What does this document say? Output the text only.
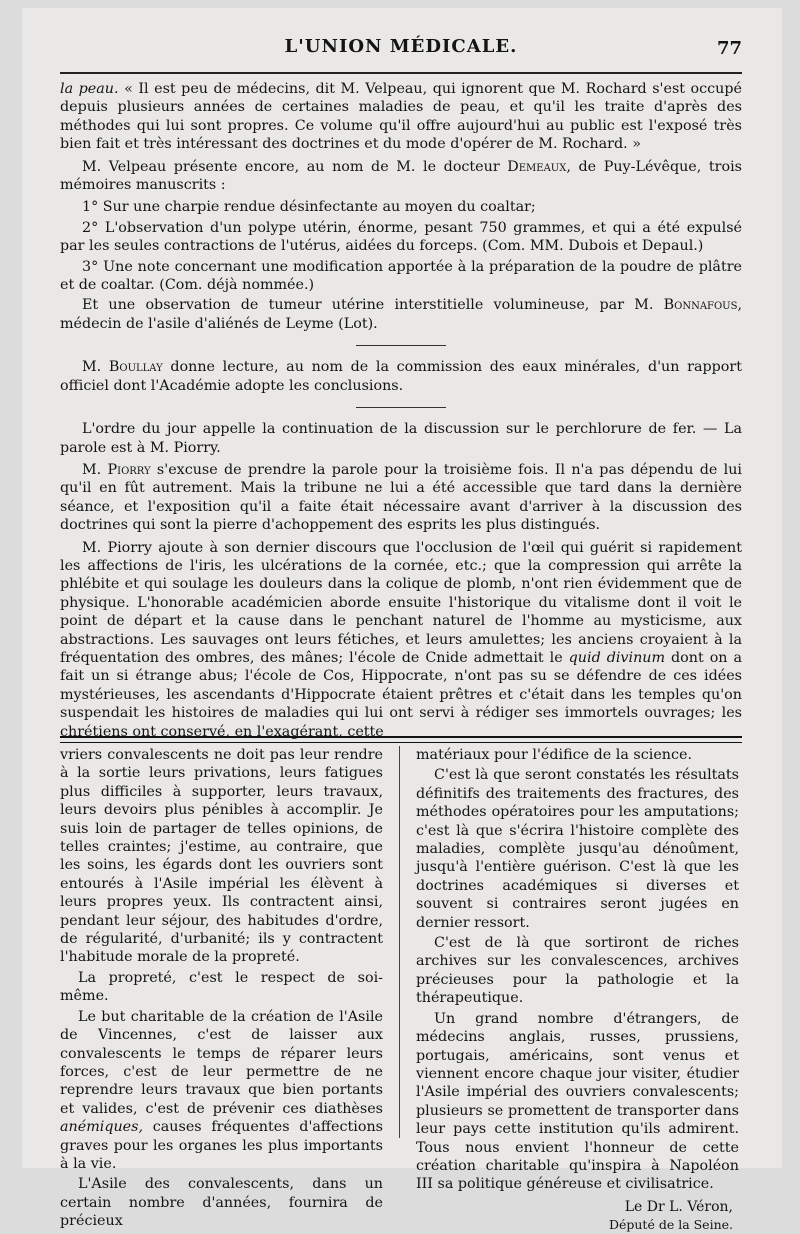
L'UNION MÉDICALE.	77

la peau. « Il est peu de médecins, dit M. Velpeau, qui ignorent que M. Rochard s'est occupé depuis plusieurs années de certaines maladies de peau, et qu'il les traite d'après des méthodes qui lui sont propres. Ce volume qu'il offre aujourd'hui au public est l'exposé très bien fait et très intéressant des doctrines et du mode d'opérer de M. Rochard. »

M. Velpeau présente encore, au nom de M. le docteur Demeaux, de Puy-Lévêque, trois mémoires manuscrits :

1° Sur une charpie rendue désinfectante au moyen du coaltar;

2° L'observation d'un polype utérin, énorme, pesant 750 grammes, et qui a été expulsé par les seules contractions de l'utérus, aidées du forceps. (Com. MM. Dubois et Depaul.)

3° Une note concernant une modification apportée à la préparation de la poudre de plâtre et de coaltar. (Com. déjà nommée.)

Et une observation de tumeur utérine interstitielle volumineuse, par M. Bonnafous, médecin de l'asile d'aliénés de Leyme (Lot).

M. Boullay donne lecture, au nom de la commission des eaux minérales, d'un rapport officiel dont l'Académie adopte les conclusions.

L'ordre du jour appelle la continuation de la discussion sur le perchlorure de fer. — La parole est à M. Piorry.

M. Piorry s'excuse de prendre la parole pour la troisième fois. Il n'a pas dépendu de lui qu'il en fût autrement. Mais la tribune ne lui a été accessible que tard dans la dernière séance, et l'exposition qu'il a faite était nécessaire avant d'arriver à la discussion des doctrines qui sont la pierre d'achoppement des esprits les plus distingués.

M. Piorry ajoute à son dernier discours que l'occlusion de l'œil qui guérit si rapidement les affections de l'iris, les ulcérations de la cornée, etc.; que la compression qui arrête la phlébite et qui soulage les douleurs dans la colique de plomb, n'ont rien évidemment que de physique. L'honorable académicien aborde ensuite l'historique du vitalisme dont il voit le point de départ et la cause dans le penchant naturel de l'homme au mysticisme, aux abstractions. Les sauvages ont leurs fétiches, et leurs amulettes; les anciens croyaient à la fréquentation des ombres, des mânes; l'école de Cnide admettait le quid divinum dont on a fait un si étrange abus; l'école de Cos, Hippocrate, n'ont pas su se défendre de ces idées mystérieuses, les ascendants d'Hippocrate étaient prêtres et c'était dans les temples qu'on suspendait les histoires de maladies qui lui ont servi à rédiger ses immortels ouvrages; les chrétiens ont conservé, en l'exagérant, cette

vriers convalescents ne doit pas leur rendre à la sortie leurs privations, leurs fatigues plus difficiles à supporter, leurs travaux, leurs devoirs plus pénibles à accomplir. Je suis loin de partager de telles opinions, de telles craintes; j'estime, au contraire, que les soins, les égards dont les ouvriers sont entourés à l'Asile impérial les élèvent à leurs propres yeux. Ils contractent ainsi, pendant leur séjour, des habitudes d'ordre, de régularité, d'urbanité; ils y contractent l'habitude morale de la propreté.

La propreté, c'est le respect de soi-même.

Le but charitable de la création de l'Asile de Vincennes, c'est de laisser aux convalescents le temps de réparer leurs forces, c'est de leur permettre de ne reprendre leurs travaux que bien portants et valides, c'est de prévenir ces diathèses anémiques, causes fréquentes d'affections graves pour les organes les plus importants à la vie.

L'Asile des convalescents, dans un certain nombre d'années, fournira de précieux

matériaux pour l'édifice de la science.

C'est là que seront constatés les résultats définitifs des traitements des fractures, des méthodes opératoires pour les amputations; c'est là que s'écrira l'histoire complète des maladies, complète jusqu'au dénoûment, jusqu'à l'entière guérison. C'est là que les doctrines académiques si diverses et souvent si contraires seront jugées en dernier ressort.

C'est de là que sortiront de riches archives sur les convalescences, archives précieuses pour la pathologie et la thérapeutique.

Un grand nombre d'étrangers, de médecins anglais, russes, prussiens, portugais, américains, sont venus et viennent encore chaque jour visiter, étudier l'Asile impérial des ouvriers convalescents; plusieurs se promettent de transporter dans leur pays cette institution qu'ils admirent. Tous nous envient l'honneur de cette création charitable qu'inspira à Napoléon III sa politique généreuse et civilisatrice.

Le Dr L. Véron,
Député de la Seine.
